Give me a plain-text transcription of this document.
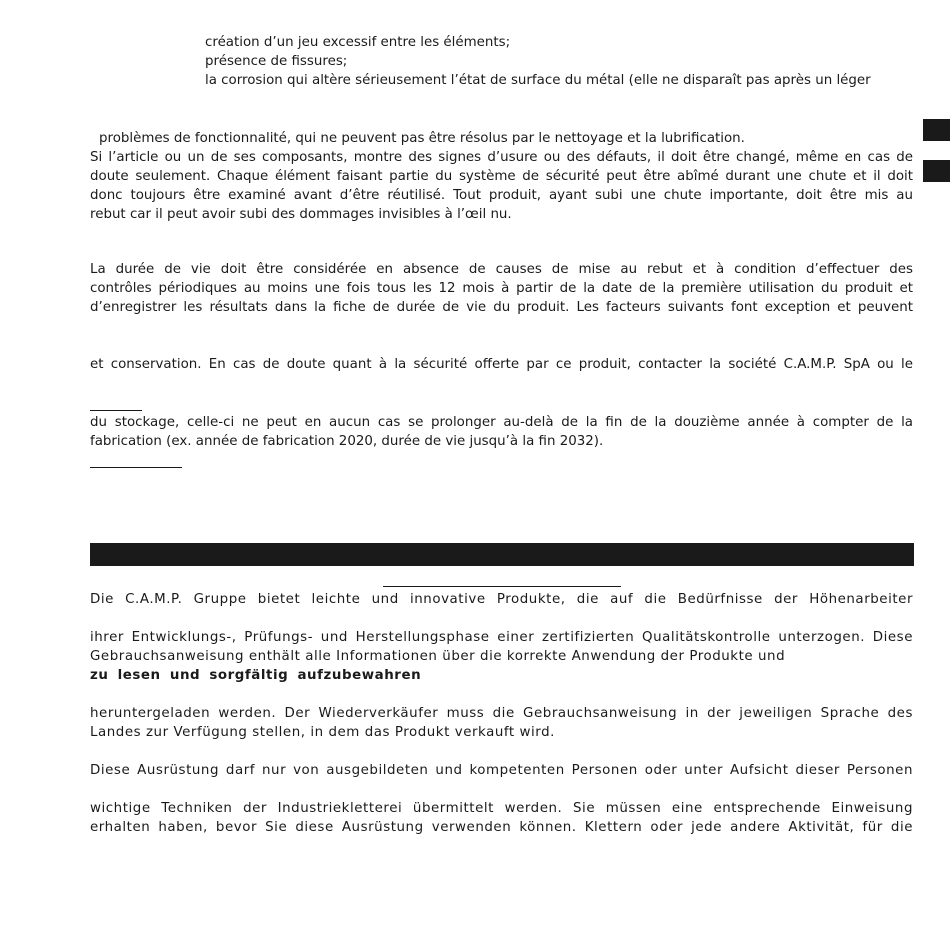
création d’un jeu excessif entre les éléments;

présence de fissures;

la corrosion qui altère sérieusement l’état de surface du métal (elle ne disparaît pas après un léger

problèmes de fonctionnalité, qui ne peuvent pas être résolus par le nettoyage et la lubrification.

Si l’article ou un de ses composants, montre des signes d’usure ou des défauts, il doit être changé, même en cas de

doute seulement. Chaque élément faisant partie du système de sécurité peut être abîmé durant une chute et il doit

donc toujours être examiné avant d’être réutilisé. Tout produit, ayant subi une chute importante, doit être mis au

rebut car il peut avoir subi des dommages invisibles à l’œil nu.

La durée de vie doit être considérée en absence de causes de mise au rebut et à condition d’effectuer des

contrôles périodiques au moins une fois tous les 12 mois à partir de la date de la première utilisation du produit et

d’enregistrer les résultats dans la fiche de durée de vie du produit. Les facteurs suivants font exception et peuvent

et conservation. En cas de doute quant à la sécurité offerte par ce produit, contacter la société C.A.M.P. SpA ou le

du stockage, celle-ci ne peut en aucun cas se prolonger au-delà de la fin de la douzième année à compter de la

fabrication (ex. année de fabrication 2020, durée de vie jusqu’à la fin 2032).

Die C.A.M.P. Gruppe bietet leichte und innovative Produkte, die auf die Bedürfnisse der Höhenarbeiter

ihrer Entwicklungs-, Prüfungs- und Herstellungsphase einer zertifizierten Qualitätskontrolle unterzogen. Diese

Gebrauchsanweisung enthält alle Informationen über die korrekte Anwendung der Produkte und

zu lesen und sorgfältig aufzubewahren

heruntergeladen werden. Der Wiederverkäufer muss die Gebrauchsanweisung in der jeweiligen Sprache des

Landes zur Verfügung stellen, in dem das Produkt verkauft wird.

Diese Ausrüstung darf nur von ausgebildeten und kompetenten Personen oder unter Aufsicht dieser Personen

wichtige Techniken der Industriekletterei übermittelt werden. Sie müssen eine entsprechende Einweisung

erhalten haben, bevor Sie diese Ausrüstung verwenden können. Klettern oder jede andere Aktivität, für die
